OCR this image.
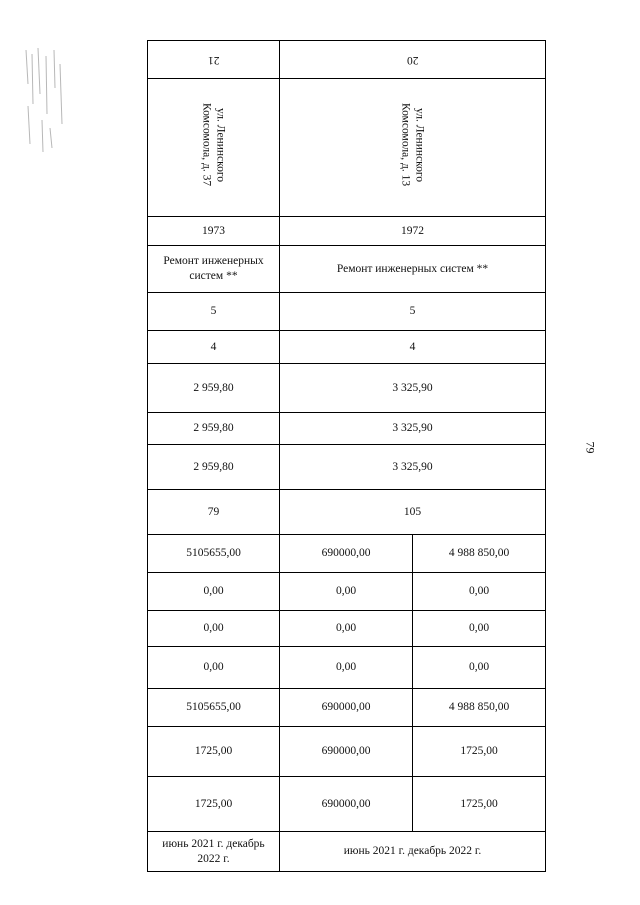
21	20	
ул. Ленинского Комсомола, д. 37	ул. Ленинского Комсомола, д. 13	
1973	1972	
Ремонт инженерных систем **	Ремонт инженерных систем **	
5	5	
4	4	
2 959,80	3 325,90	
2 959,80	3 325,90	
2 959,80	3 325,90	
79	105	
5105655,00	690000,00	4 988 850,00
0,00	0,00	0,00
0,00	0,00	0,00
0,00	0,00	0,00
5105655,00	690000,00	4 988 850,00
1725,00	690000,00	1725,00
1725,00	690000,00	1725,00
июнь 2021 г. декабрь 2022 г.	июнь 2021 г. декабрь 2022 г.	
79
